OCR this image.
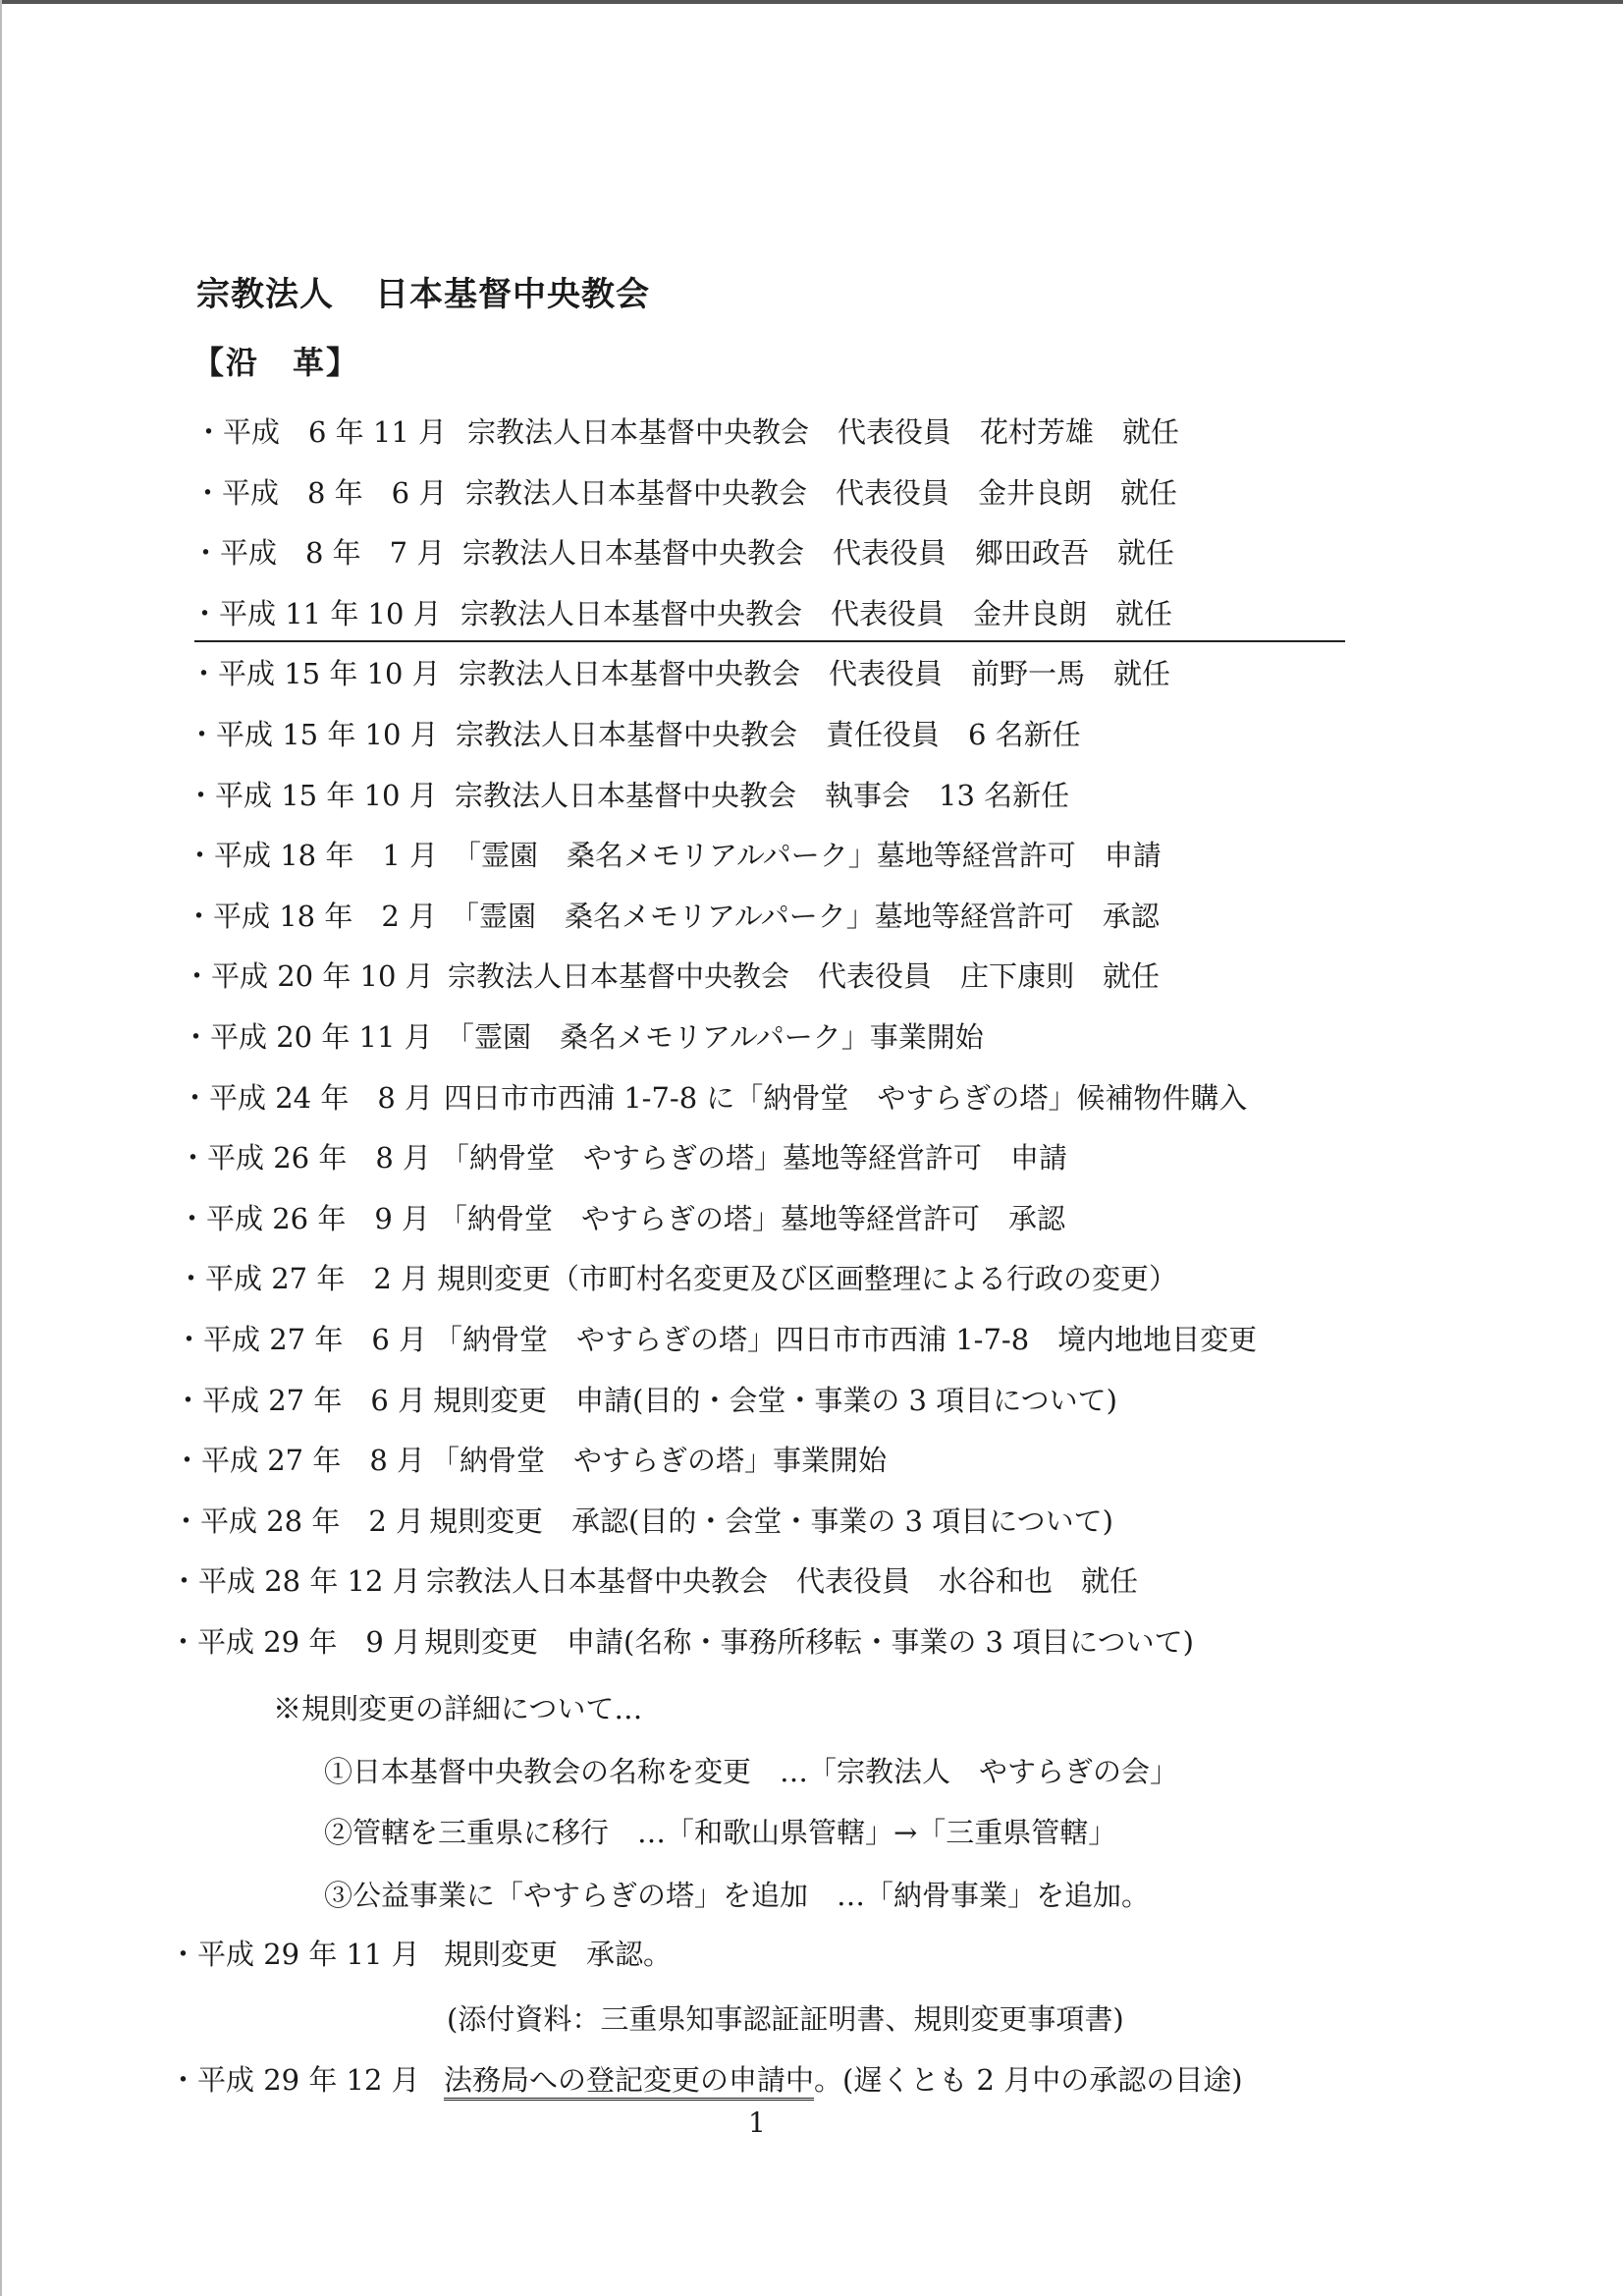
宗教法人 日本基督中央教会
【沿　革】
・平成　6 年 11 月 宗教法人日本基督中央教会　代表役員　花村芳雄　就任
・平成　8 年　6 月 宗教法人日本基督中央教会　代表役員　金井良朗　就任
・平成　8 年　7 月 宗教法人日本基督中央教会　代表役員　郷田政吾　就任
・平成 11 年 10 月 宗教法人日本基督中央教会　代表役員　金井良朗　就任
・平成 15 年 10 月 宗教法人日本基督中央教会　代表役員　前野一馬　就任
・平成 15 年 10 月 宗教法人日本基督中央教会　責任役員　6 名新任
・平成 15 年 10 月 宗教法人日本基督中央教会　執事会　13 名新任
・平成 18 年　1 月 「霊園　桑名メモリアルパーク」墓地等経営許可　申請
・平成 18 年　2 月 「霊園　桑名メモリアルパーク」墓地等経営許可　承認
・平成 20 年 10 月 宗教法人日本基督中央教会　代表役員　庄下康則　就任
・平成 20 年 11 月 「霊園　桑名メモリアルパーク」事業開始
・平成 24 年　8 月 四日市市西浦 1-7-8 に「納骨堂　やすらぎの塔」候補物件購入
・平成 26 年　8 月 「納骨堂　やすらぎの塔」墓地等経営許可　申請
・平成 26 年　9 月 「納骨堂　やすらぎの塔」墓地等経営許可　承認
・平成 27 年　2 月 規則変更（市町村名変更及び区画整理による行政の変更）
・平成 27 年　6 月 「納骨堂　やすらぎの塔」四日市市西浦 1-7-8　境内地地目変更
・平成 27 年　6 月 規則変更　申請(目的・会堂・事業の 3 項目について)
・平成 27 年　8 月 「納骨堂　やすらぎの塔」事業開始
・平成 28 年　2 月 規則変更　承認(目的・会堂・事業の 3 項目について)
・平成 28 年 12 月 宗教法人日本基督中央教会　代表役員　水谷和也　就任
・平成 29 年　9 月 規則変更　申請(名称・事務所移転・事業の 3 項目について)
※規則変更の詳細について…
①日本基督中央教会の名称を変更　…「宗教法人　やすらぎの会」
②管轄を三重県に移行　…「和歌山県管轄」→「三重県管轄」
③公益事業に「やすらぎの塔」を追加　…「納骨事業」を追加。
・平成 29 年 11 月 規則変更　承認。
(添付資料：三重県知事認証証明書、規則変更事項書)
・平成 29 年 12 月 法務局への登記変更の申請中。(遅くとも 2 月中の承認の目途)
1
